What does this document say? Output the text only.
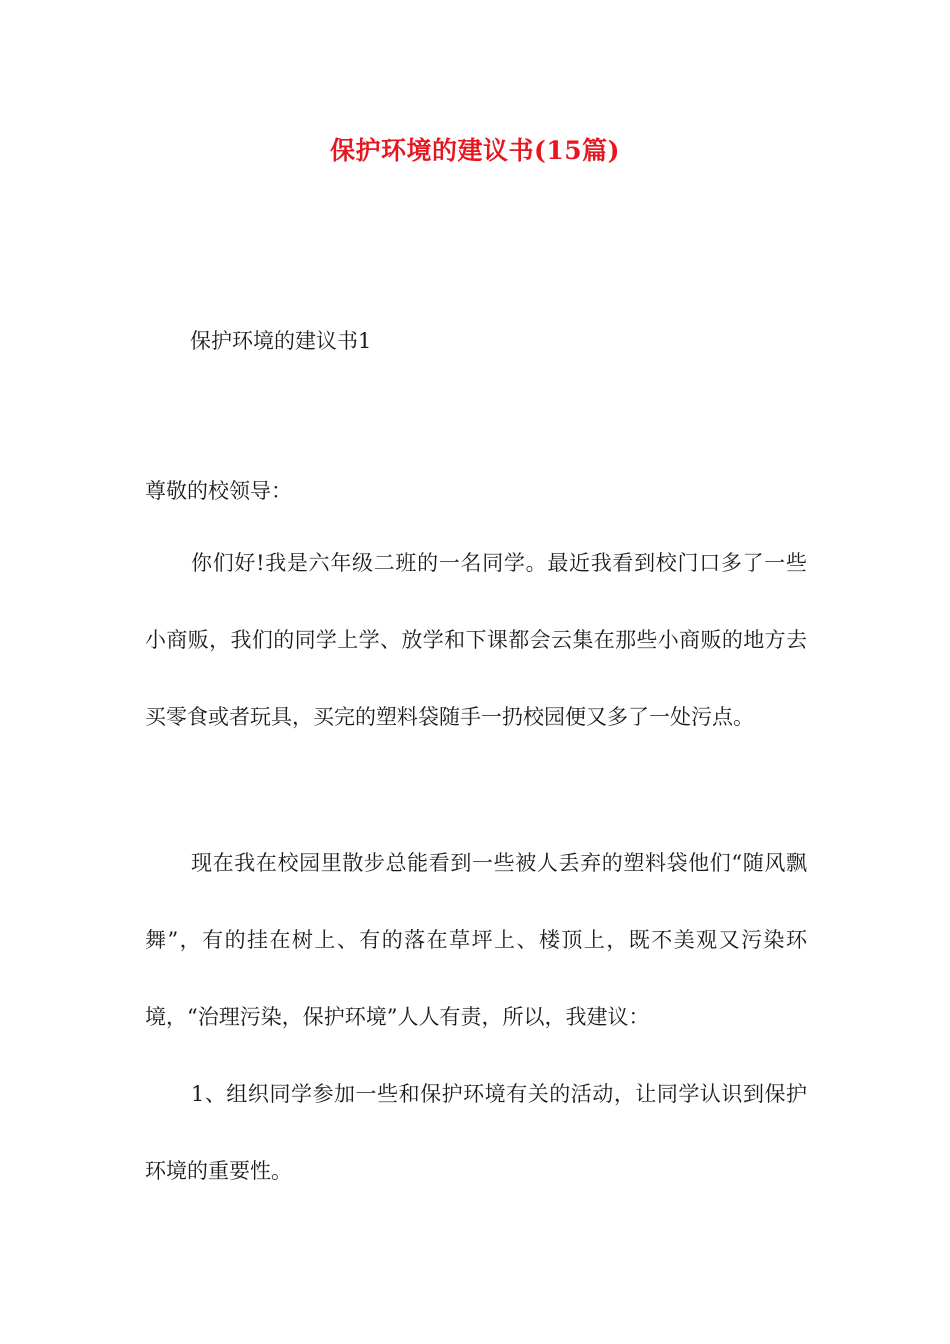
保护环境的建议书(15篇)

保护环境的建议书1

尊敬的校领导：

你们好!我是六年级二班的一名同学。最近我看到校门口多了一些小商贩，我们的同学上学、放学和下课都会云集在那些小商贩的地方去买零食或者玩具，买完的塑料袋随手一扔校园便又多了一处污点。

现在我在校园里散步总能看到一些被人丢弃的塑料袋他们“随风飘舞”，有的挂在树上、有的落在草坪上、楼顶上，既不美观又污染环境，“治理污染，保护环境”人人有责，所以，我建议：

1、组织同学参加一些和保护环境有关的活动，让同学认识到保护环境的重要性。
